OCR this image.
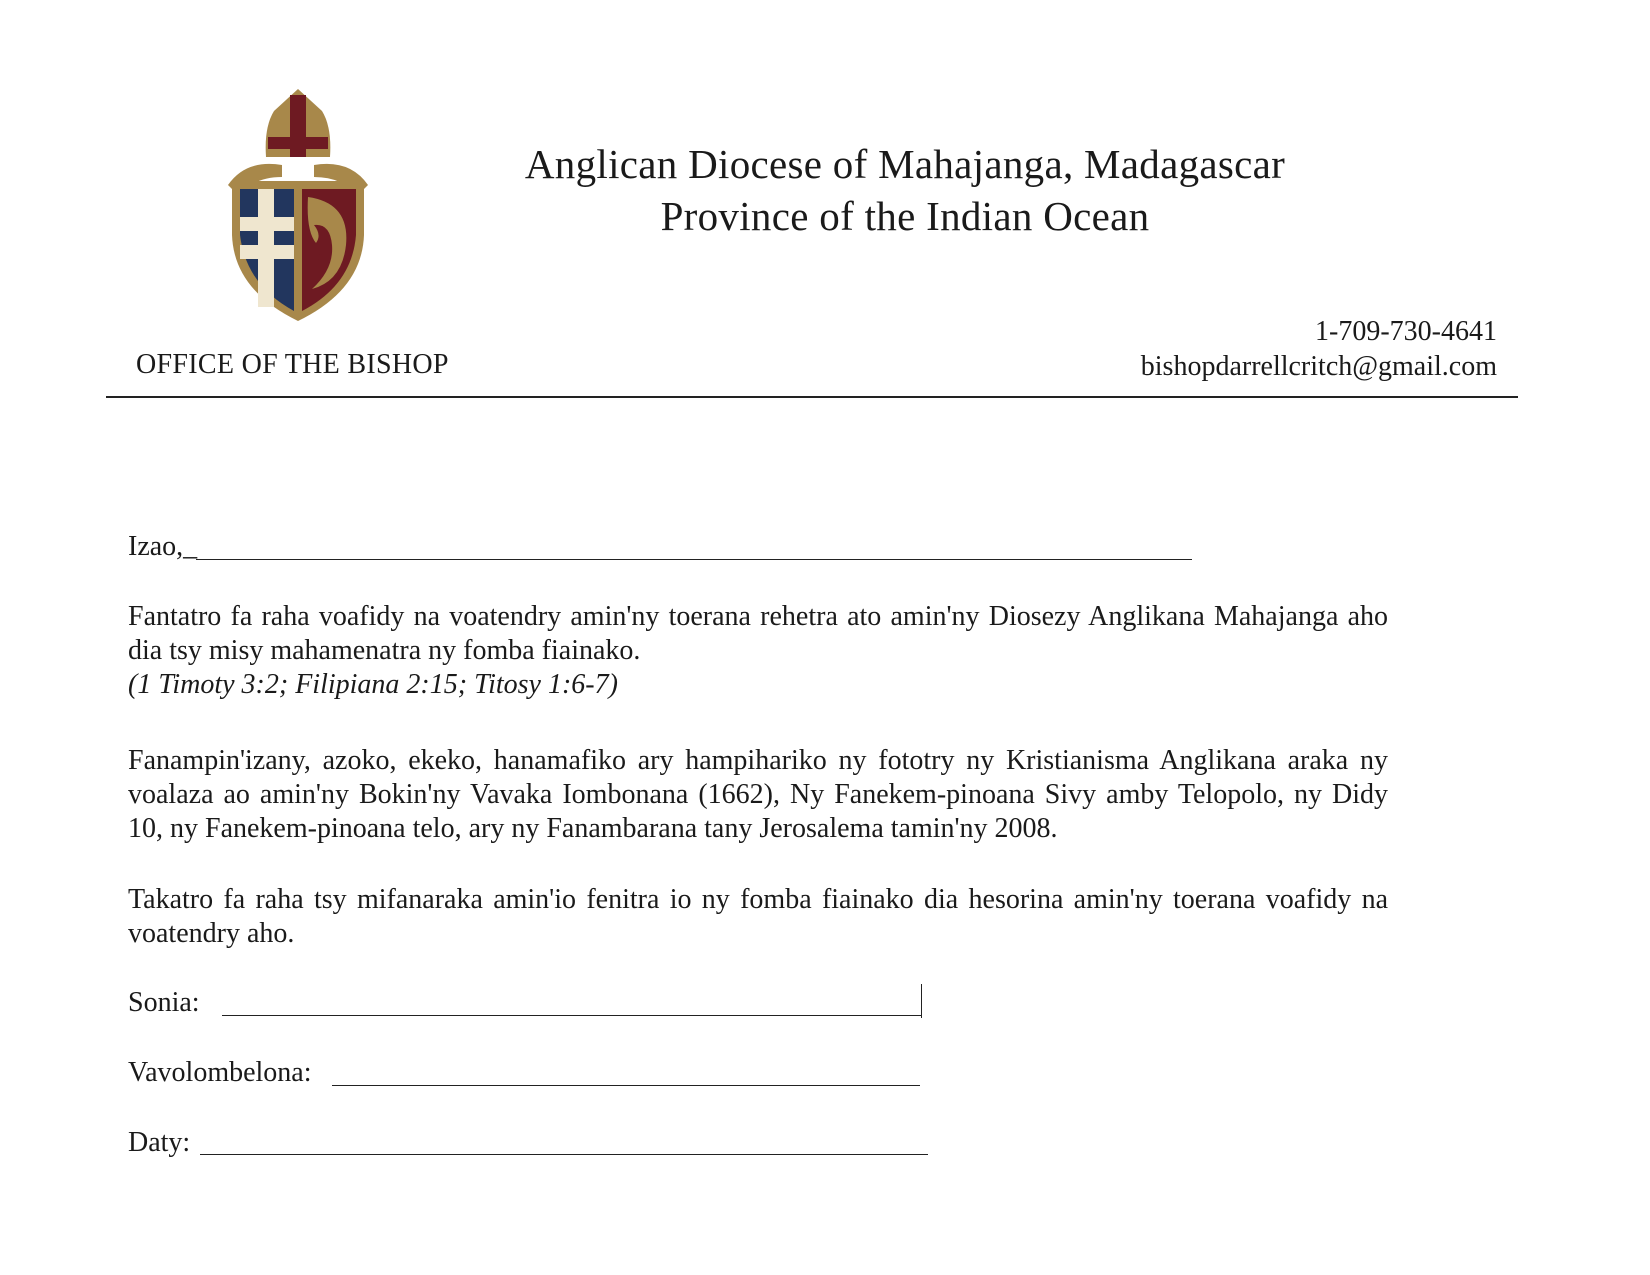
Anglican Diocese of Mahajanga, Madagascar
Province of the Indian Ocean
OFFICE OF THE BISHOP
1-709-730-4641
bishopdarrellcritch@gmail.com
Izao,_

Fantatro fa raha voafidy na voatendry amin'ny toerana rehetra ato amin'ny Diosezy Anglikana Mahajanga aho dia tsy misy mahamenatra ny fomba fiainako.

(1 Timoty 3:2; Filipiana 2:15; Titosy 1:6-7)

Fanampin'izany, azoko, ekeko, hanamafiko ary hampihariko ny fototry ny Kristianisma Anglikana araka ny voalaza ao amin'ny Bokin'ny Vavaka Iombonana (1662), Ny Fanekem-pinoana Sivy amby Telopolo, ny Didy 10, ny Fanekem-pinoana telo, ary ny Fanambarana tany Jerosalema tamin'ny 2008.

Takatro fa raha tsy mifanaraka amin'io fenitra io ny fomba fiainako dia hesorina amin'ny toerana voafidy na voatendry aho.

Sonia:
Vavolombelona:
Daty:
